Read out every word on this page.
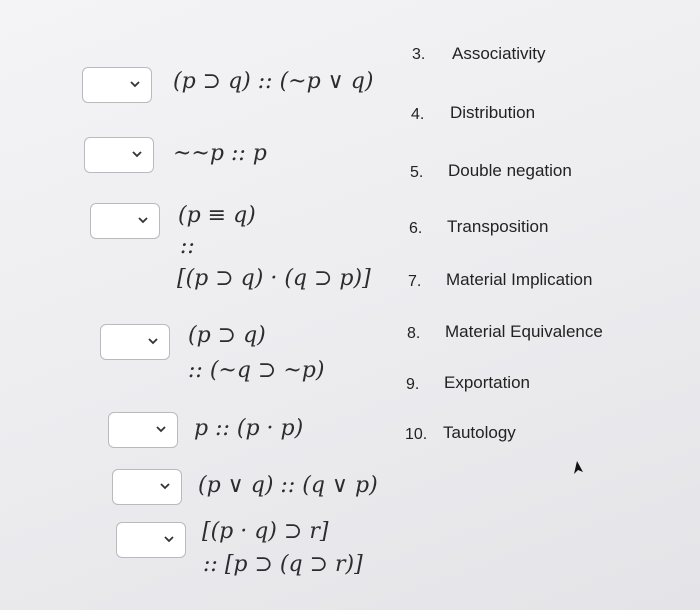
(p ⊃ q) :: (~p ∨ q)
~~p :: p
(p ≡ q)
::
[(p ⊃ q) · (q ⊃ p)]
(p ⊃ q)
:: (~q ⊃ ~p)
p :: (p · p)
(p ∨ q) :: (q ∨ p)
[(p · q) ⊃ r]
:: [p ⊃ (q ⊃ r)]
3. Associativity
4. Distribution
5. Double negation
6. Transposition
7. Material Implication
8. Material Equivalence
9. Exportation
10. Tautology
